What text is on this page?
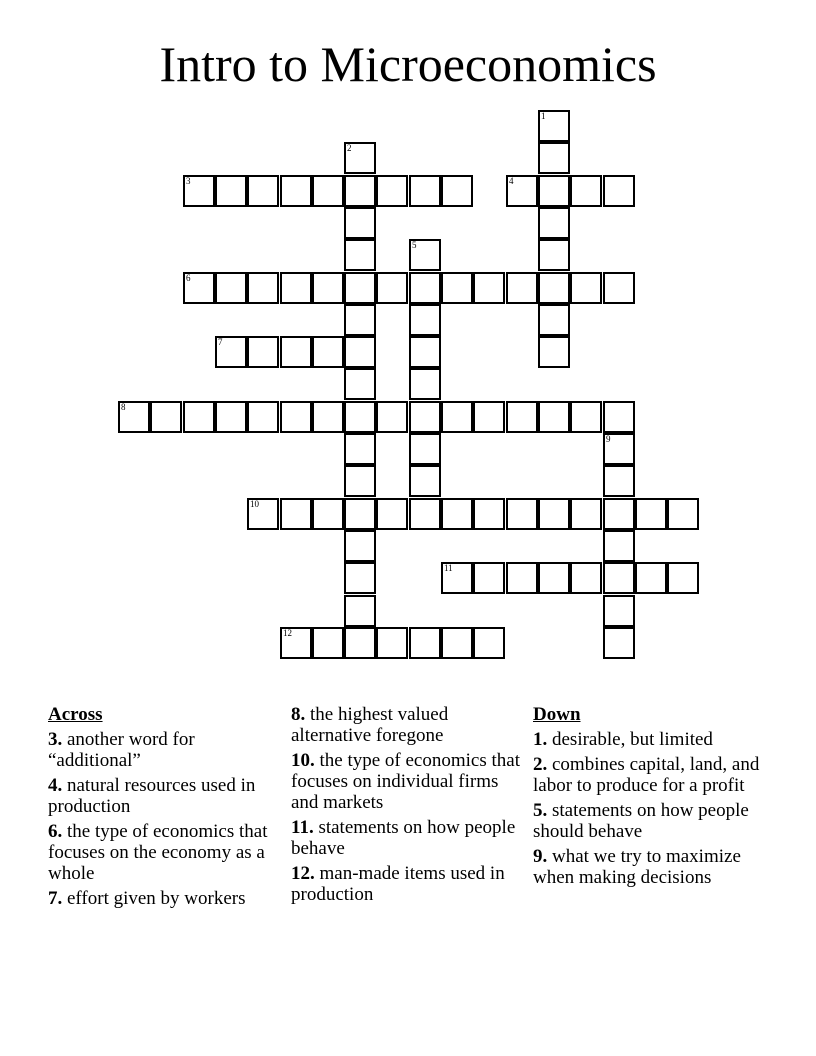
Intro to Microeconomics
1
2
3	4
5
6
7
8
9
10
11
12
Across
3. another word for “additional”
4. natural resources used in production
6. the type of economics that focuses on the economy as a whole
7. effort given by workers
8. the highest valued alternative foregone
10. the type of economics that focuses on individual firms and markets
11. statements on how people behave
12. man-made items used in production
Down
1. desirable, but limited
2. combines capital, land, and labor to produce for a profit
5. statements on how people should behave
9. what we try to maximize when making decisions
